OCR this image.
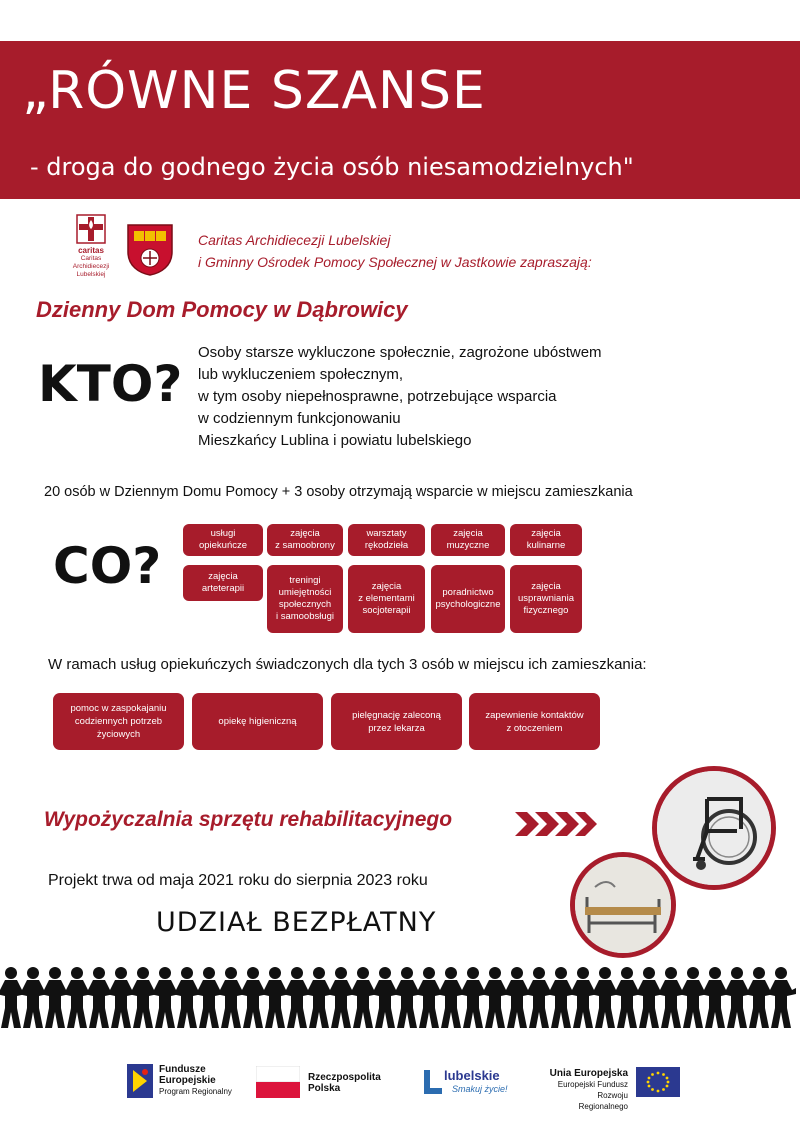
„RÓWNE SZANSE
- droga do godnego życia osób niesamodzielnych"
caritas
Caritas
Archidiecezji
Lubelskiej
Caritas Archidiecezji Lubelskiej
i Gminny Ośrodek Pomocy Społecznej w Jastkowie zapraszają:
Dzienny Dom Pomocy w Dąbrowicy
KTO?
Osoby starsze wykluczone społecznie, zagrożone ubóstwem
lub wykluczeniem społecznym,
w tym osoby niepełnosprawne, potrzebujące wsparcia
w codziennym funkcjonowaniu
Mieszkańcy Lublina i powiatu lubelskiego
20 osób w Dziennym Domu Pomocy + 3 osoby otrzymają wsparcie w miejscu zamieszkania
CO?
usługi
opiekuńcze
zajęcia
z samoobrony
warsztaty
rękodzieła
zajęcia
muzyczne
zajęcia
kulinarne
zajęcia
arteterapii
treningi
umiejętności
społecznych
i samoobsługi
zajęcia
z elementami
socjoterapii
poradnictwo
psychologiczne
zajęcia
usprawniania
fizycznego
W ramach usług opiekuńczych świadczonych dla tych 3 osób w miejscu ich zamieszkania:
pomoc w zaspokajaniu
codziennych potrzeb
życiowych
opiekę higieniczną
pielęgnację zaleconą
przez lekarza
zapewnienie kontaktów
z otoczeniem
Wypożyczalnia sprzętu rehabilitacyjnego
Projekt trwa od maja 2021 roku do sierpnia 2023 roku
UDZIAŁ BEZPŁATNY
Fundusze
Europejskie
Program Regionalny
Rzeczpospolita
Polska
lubelskie
Smakuj życie!
Unia Europejska
Europejski Fundusz
Rozwoju Regionalnego
